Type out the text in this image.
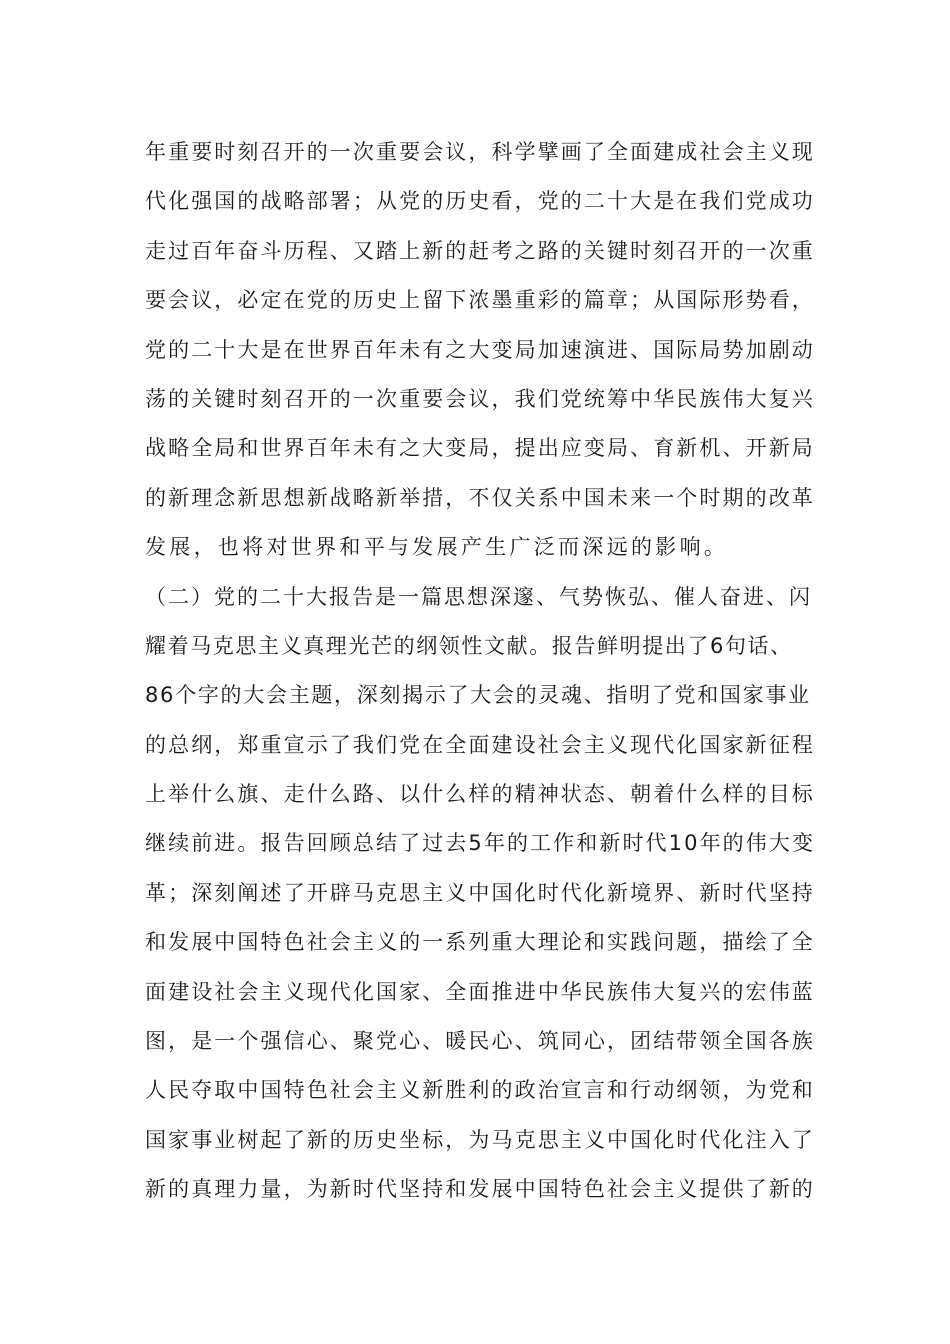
年重要时刻召开的一次重要会议，科学擘画了全面建成社会主义现
代化强国的战略部署；从党的历史看，党的二十大是在我们党成功
走过百年奋斗历程、又踏上新的赶考之路的关键时刻召开的一次重
要会议，必定在党的历史上留下浓墨重彩的篇章；从国际形势看，
党的二十大是在世界百年未有之大变局加速演进、国际局势加剧动
荡的关键时刻召开的一次重要会议，我们党统筹中华民族伟大复兴
战略全局和世界百年未有之大变局，提出应变局、育新机、开新局
的新理念新思想新战略新举措，不仅关系中国未来一个时期的改革
发展，也将对世界和平与发展产生广泛而深远的影响。
（二）党的二十大报告是一篇思想深邃、气势恢弘、催人奋进、闪
耀着马克思主义真理光芒的纲领性文献。报告鲜明提出了6句话、
86个字的大会主题，深刻揭示了大会的灵魂、指明了党和国家事业
的总纲，郑重宣示了我们党在全面建设社会主义现代化国家新征程
上举什么旗、走什么路、以什么样的精神状态、朝着什么样的目标
继续前进。报告回顾总结了过去5年的工作和新时代10年的伟大变
革；深刻阐述了开辟马克思主义中国化时代化新境界、新时代坚持
和发展中国特色社会主义的一系列重大理论和实践问题，描绘了全
面建设社会主义现代化国家、全面推进中华民族伟大复兴的宏伟蓝
图，是一个强信心、聚党心、暖民心、筑同心，团结带领全国各族
人民夺取中国特色社会主义新胜利的政治宣言和行动纲领，为党和
国家事业树起了新的历史坐标，为马克思主义中国化时代化注入了
新的真理力量，为新时代坚持和发展中国特色社会主义提供了新的
